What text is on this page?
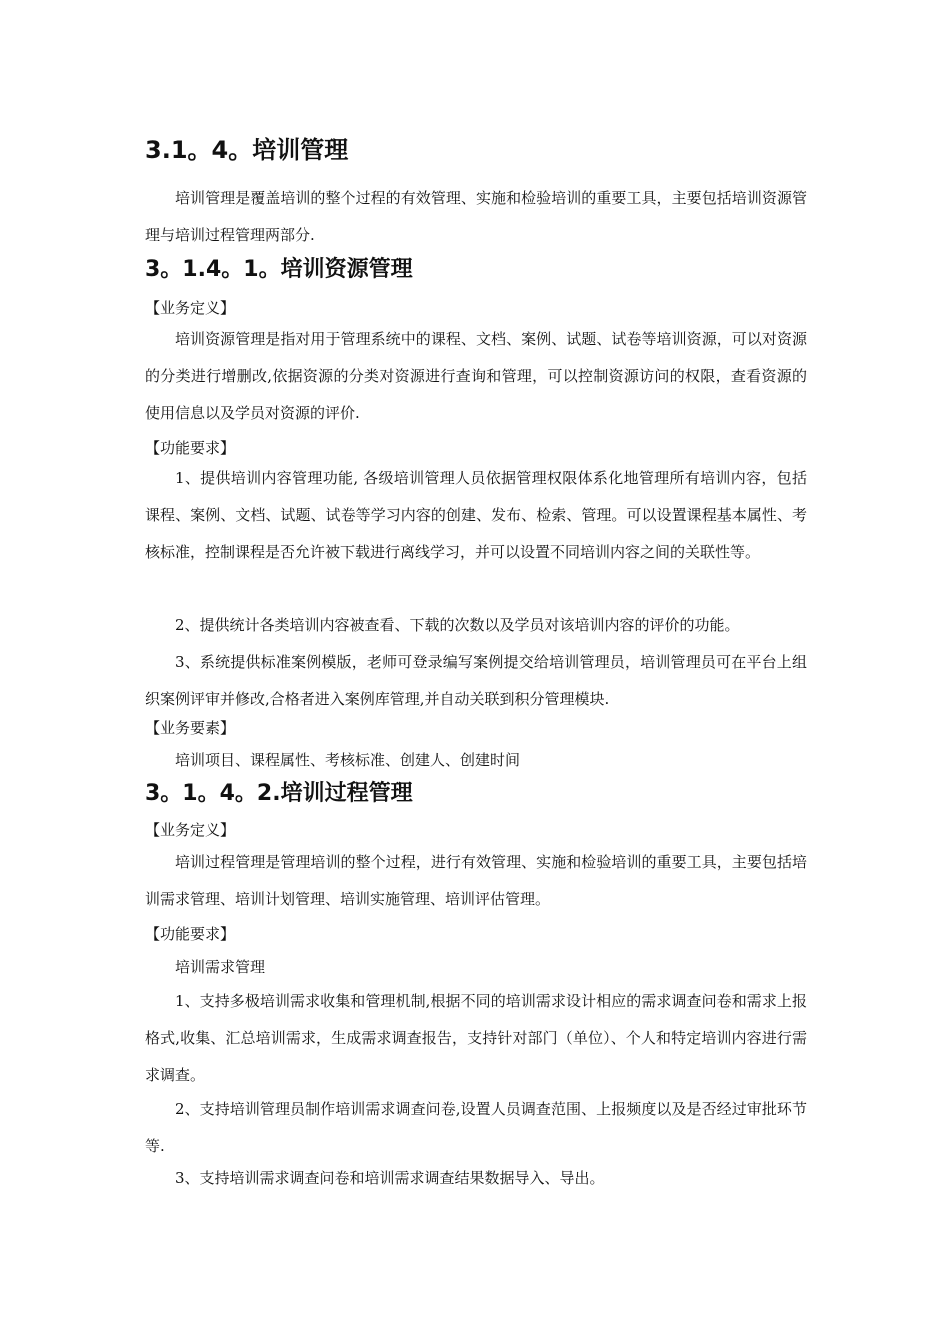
3.1。4。培训管理
培训管理是覆盖培训的整个过程的有效管理、实施和检验培训的重要工具，主要包括培训资源管理与培训过程管理两部分.
3。1.4。1。培训资源管理
【业务定义】
培训资源管理是指对用于管理系统中的课程、文档、案例、试题、试卷等培训资源，可以对资源的分类进行增删改,依据资源的分类对资源进行查询和管理，可以控制资源访问的权限，查看资源的使用信息以及学员对资源的评价.
【功能要求】
1、提供培训内容管理功能, 各级培训管理人员依据管理权限体系化地管理所有培训内容，包括课程、案例、文档、试题、试卷等学习内容的创建、发布、检索、管理。可以设置课程基本属性、考核标准，控制课程是否允许被下载进行离线学习，并可以设置不同培训内容之间的关联性等。
2、提供统计各类培训内容被查看、下载的次数以及学员对该培训内容的评价的功能。
3、系统提供标准案例模版，老师可登录编写案例提交给培训管理员，培训管理员可在平台上组织案例评审并修改,合格者进入案例库管理,并自动关联到积分管理模块.
【业务要素】
培训项目、课程属性、考核标准、创建人、创建时间
3。1。4。2.培训过程管理
【业务定义】
培训过程管理是管理培训的整个过程，进行有效管理、实施和检验培训的重要工具，主要包括培训需求管理、培训计划管理、培训实施管理、培训评估管理。
【功能要求】
培训需求管理
1、支持多极培训需求收集和管理机制,根据不同的培训需求设计相应的需求调查问卷和需求上报格式,收集、汇总培训需求，生成需求调查报告，支持针对部门（单位）、个人和特定培训内容进行需求调查。
2、支持培训管理员制作培训需求调查问卷,设置人员调查范围、上报频度以及是否经过审批环节等.
3、支持培训需求调查问卷和培训需求调查结果数据导入、导出。
